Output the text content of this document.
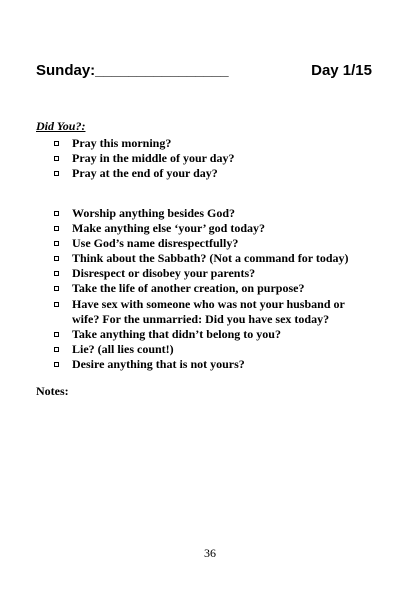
Sunday:________________	Day 1/15
Did You?:
Pray this morning?
Pray in the middle of your day?
Pray at the end of your day?
Worship anything besides God?
Make anything else ‘your’ god today?
Use God’s name disrespectfully?
Think about the Sabbath? (Not a command for today)
Disrespect or disobey your parents?
Take the life of another creation, on purpose?
Have sex with someone who was not your husband or wife? For the unmarried: Did you have sex today?
Take anything that didn’t belong to you?
Lie? (all lies count!)
Desire anything that is not yours?
Notes:
36
